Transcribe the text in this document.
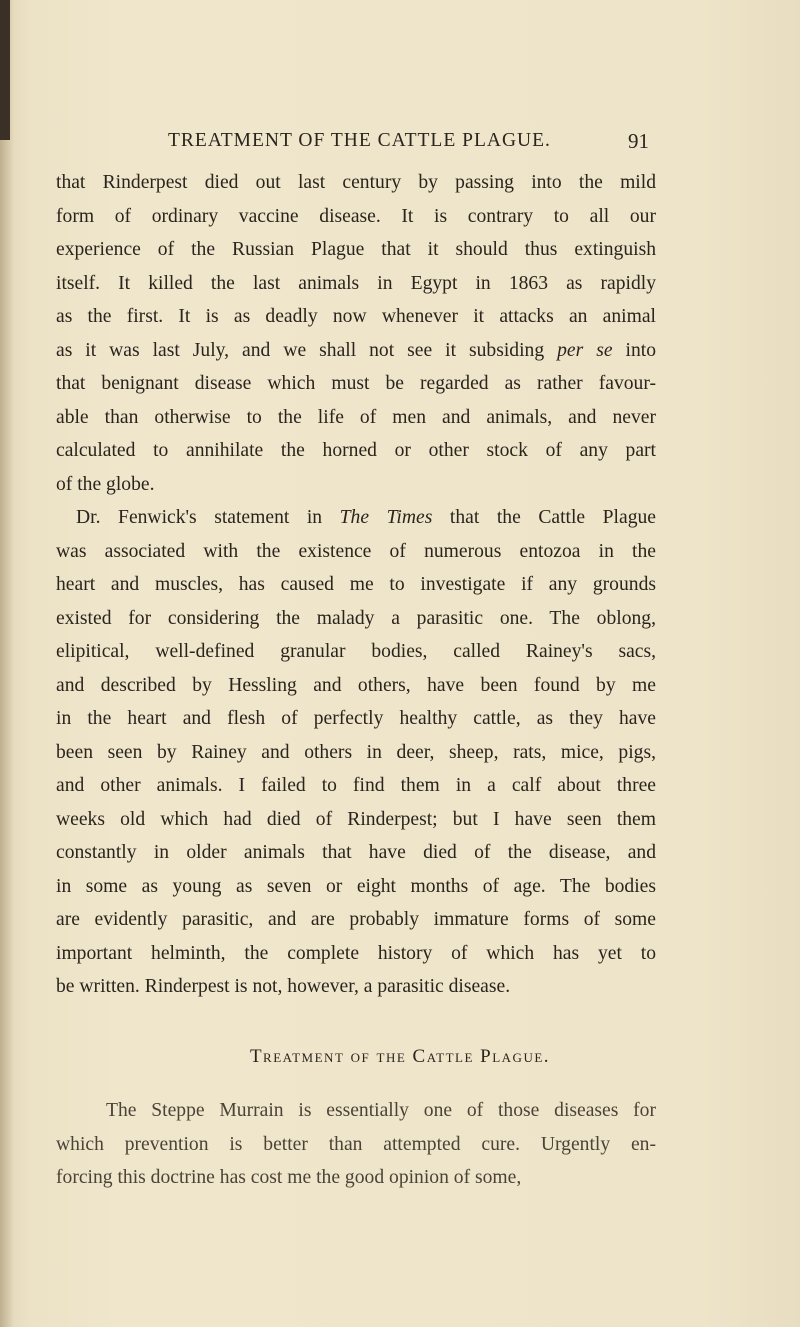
TREATMENT OF THE CATTLE PLAGUE.	91
that Rinderpest died out last century by passing into the mild
form of ordinary vaccine disease. It is contrary to all our
experience of the Russian Plague that it should thus extinguish
itself. It killed the last animals in Egypt in 1863 as rapidly
as the first. It is as deadly now whenever it attacks an animal
as it was last July, and we shall not see it subsiding per se into
that benignant disease which must be regarded as rather favour-
able than otherwise to the life of men and animals, and never
calculated to annihilate the horned or other stock of any part
of the globe.
Dr. Fenwick's statement in The Times that the Cattle Plague
was associated with the existence of numerous entozoa in the
heart and muscles, has caused me to investigate if any grounds
existed for considering the malady a parasitic one. The oblong,
elipitical, well-defined granular bodies, called Rainey's sacs,
and described by Hessling and others, have been found by me
in the heart and flesh of perfectly healthy cattle, as they have
been seen by Rainey and others in deer, sheep, rats, mice, pigs,
and other animals. I failed to find them in a calf about three
weeks old which had died of Rinderpest; but I have seen them
constantly in older animals that have died of the disease, and
in some as young as seven or eight months of age. The bodies
are evidently parasitic, and are probably immature forms of some
important helminth, the complete history of which has yet to
be written. Rinderpest is not, however, a parasitic disease.
Treatment of the Cattle Plague.
The Steppe Murrain is essentially one of those diseases for
which prevention is better than attempted cure. Urgently en-
forcing this doctrine has cost me the good opinion of some,
